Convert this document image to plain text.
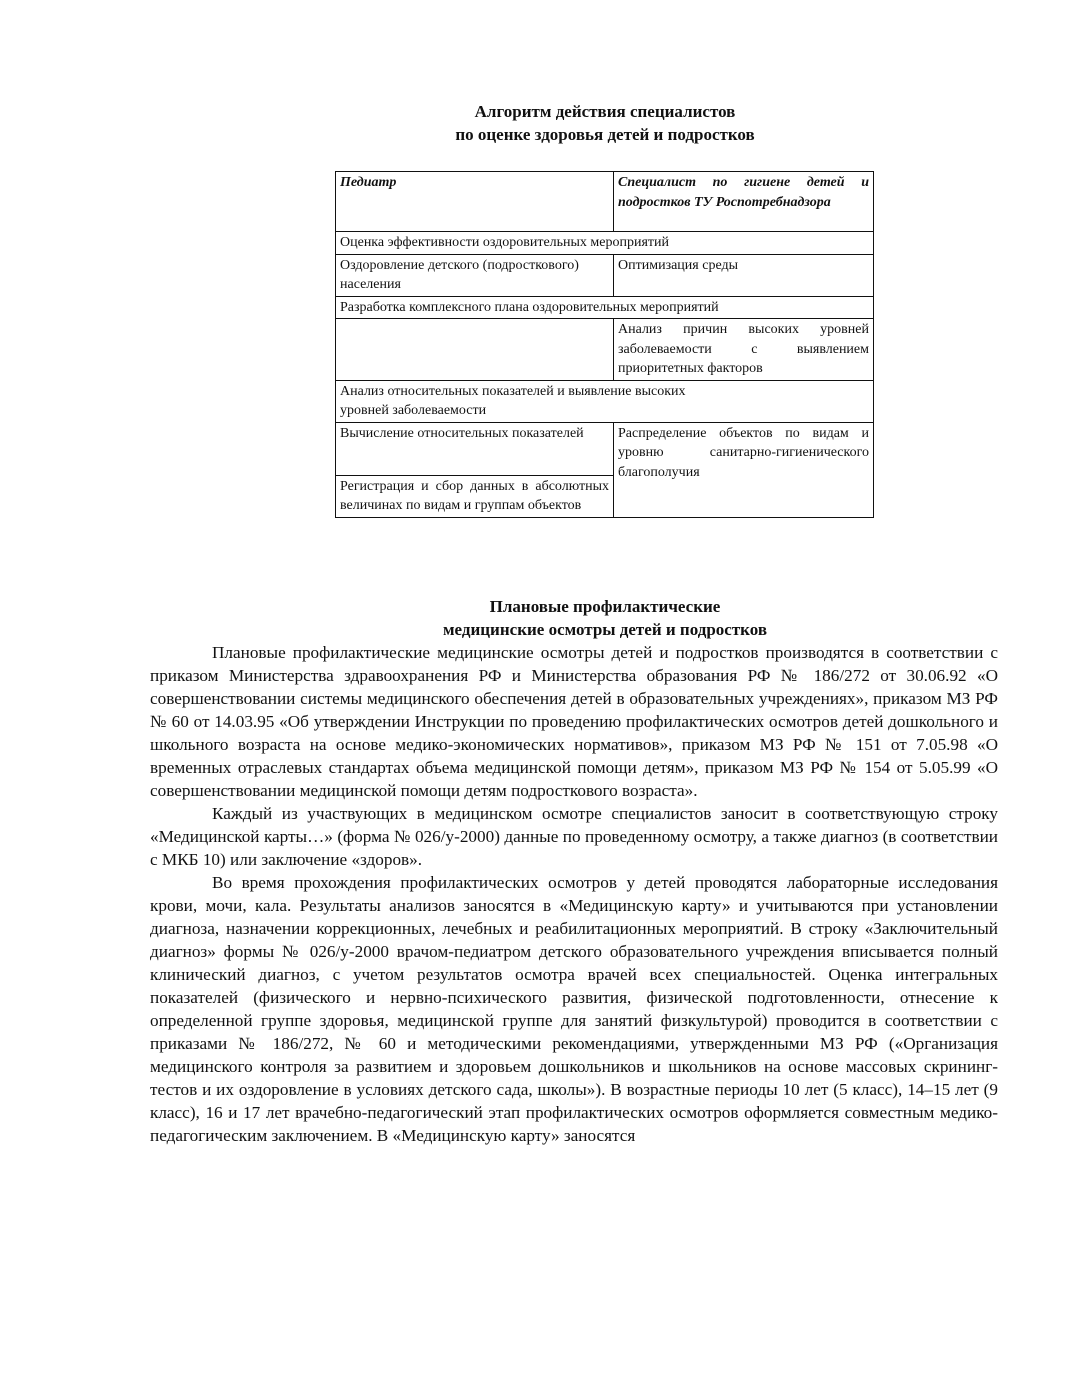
Алгоритм действия специалистов
по оценке здоровья детей и подростков
Педиатр	Специалист по гигиене детей и подростков ТУ Роспотребнадзора
Оценка эффективности оздоровительных мероприятий	
Оздоровление детского (подросткового) населения	Оптимизация среды
Разработка комплексного плана оздоровительных мероприятий	
	Анализ причин высоких уровней заболеваемости с выявлением приоритетных факторов

Анализ относительных показателей и выявление высоких уровней заболеваемости	

Вычисление относительных показателей	Распределение объектов по видам и уровню санитарно-гигиенического благополучия
Регистрация и сбор данных в абсолютных величинах по видам и группам объектов	
Плановые профилактические
медицинские осмотры детей и подростков

Плановые профилактические медицинские осмотры детей и подростков производятся в соответствии с приказом Министерства здравоохранения РФ и Министерства образования РФ № 186/272 от 30.06.92 «О совершенствовании системы медицинского обеспечения детей в образовательных учреждениях», приказом МЗ РФ № 60 от 14.03.95 «Об утверждении Инструкции по проведению профилактических осмотров детей дошкольного и школьного возраста на основе медико-экономических нормативов», приказом МЗ РФ № 151 от 7.05.98 «О временных отраслевых стандартах объема медицинской помощи детям», приказом МЗ РФ № 154 от 5.05.99 «О совершенствовании медицинской помощи детям подросткового возраста».

Каждый из участвующих в медицинском осмотре специалистов заносит в соответствующую строку «Медицинской карты…» (форма № 026/у-2000) данные по проведенному осмотру, а также диагноз (в соответствии с МКБ 10) или заключение «здоров».

Во время прохождения профилактических осмотров у детей проводятся лабораторные исследования крови, мочи, кала. Результаты анализов заносятся в «Медицинскую карту» и учитываются при установлении диагноза, назначении коррекционных, лечебных и реабилитационных мероприятий. В строку «Заключительный диагноз» формы № 026/у-2000 врачом-педиатром детского образовательного учреждения вписывается полный клинический диагноз, с учетом результатов осмотра врачей всех специальностей. Оценка интегральных показателей (физического и нервно-психического развития, физической подготовленности, отнесение к определенной группе здоровья, медицинской группе для занятий физкультурой) проводится в соответствии с приказами № 186/272, № 60 и методическими рекомендациями, утвержденными МЗ РФ («Организация медицинского контроля за развитием и здоровьем дошкольников и школьников на основе массовых скрининг-тестов и их оздоровление в условиях детского сада, школы»). В возрастные периоды 10 лет (5 класс), 14–15 лет (9 класс), 16 и 17 лет врачебно-педагогический этап профилактических осмотров оформляется совместным медико-педагогическим заключением. В «Медицинскую карту» заносятся
